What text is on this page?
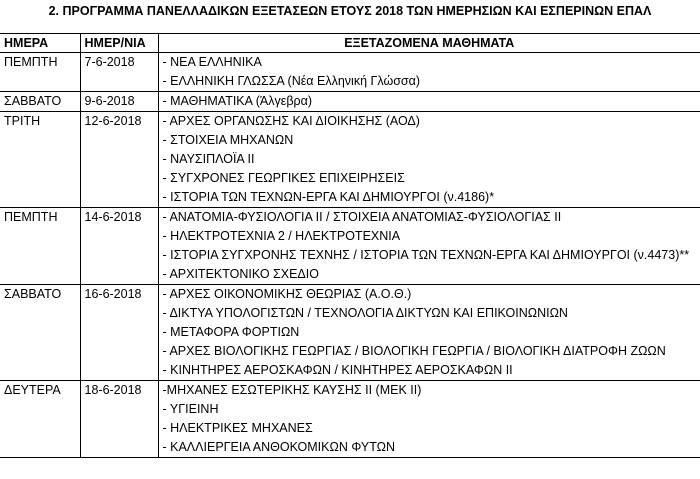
2. ΠΡΟΓΡΑΜΜΑ ΠΑΝΕΛΛΑΔΙΚΩΝ ΕΞΕΤΑΣΕΩΝ ΕΤΟΥΣ 2018 ΤΩΝ ΗΜΕΡΗΣΙΩΝ ΚΑΙ ΕΣΠΕΡΙΝΩΝ ΕΠΑΛ
ΗΜΕΡΑ	ΗΜΕΡ/ΝΙΑ	ΕΞΕΤΑΖΟΜΕΝΑ ΜΑΘΗΜΑΤΑ

ΠΕΜΠΤΗ	7-6-2018	- ΝΕΑ ΕΛΛΗΝΙΚΑ
- ΕΛΛΗΝΙΚΗ ΓΛΩΣΣΑ (Νέα Ελληνική Γλώσσα)

ΣΑΒΒΑΤΟ	9-6-2018	- ΜΑΘΗΜΑΤΙΚΑ (Άλγεβρα)

ΤΡΙΤΗ	12-6-2018	- ΑΡΧΕΣ ΟΡΓΑΝΩΣΗΣ ΚΑΙ ΔΙΟΙΚΗΣΗΣ (ΑΟΔ)
- ΣΤΟΙΧΕΙΑ ΜΗΧΑΝΩΝ
- ΝΑΥΣΙΠΛΟΪΑ ΙΙ
- ΣΥΓΧΡΟΝΕΣ ΓΕΩΡΓΙΚΕΣ ΕΠΙΧΕΙΡΗΣΕΙΣ
- ΙΣΤΟΡΙΑ ΤΩΝ ΤΕΧΝΩΝ-ΕΡΓΑ ΚΑΙ ΔΗΜΙΟΥΡΓΟΙ (ν.4186)*

ΠΕΜΠΤΗ	14-6-2018	- ΑΝΑΤΟΜΙΑ-ΦΥΣΙΟΛΟΓΙΑ ΙΙ / ΣΤΟΙΧΕΙΑ ΑΝΑΤΟΜΙΑΣ-ΦΥΣΙΟΛΟΓΙΑΣ ΙΙ
- ΗΛΕΚΤΡΟΤΕΧΝΙΑ 2 / ΗΛΕΚΤΡΟΤΕΧΝΙΑ
- ΙΣΤΟΡΙΑ ΣΥΓΧΡΟΝΗΣ ΤΕΧΝΗΣ / ΙΣΤΟΡΙΑ ΤΩΝ ΤΕΧΝΩΝ-ΕΡΓΑ ΚΑΙ ΔΗΜΙΟΥΡΓΟΙ (ν.4473)**
- ΑΡΧΙΤΕΚΤΟΝΙΚΟ ΣΧΕΔΙΟ

ΣΑΒΒΑΤΟ	16-6-2018	- ΑΡΧΕΣ ΟΙΚΟΝΟΜΙΚΗΣ ΘΕΩΡΙΑΣ (Α.Ο.Θ.)
- ΔΙΚΤΥΑ ΥΠΟΛΟΓΙΣΤΩΝ / ΤΕΧΝΟΛΟΓΙΑ ΔΙΚΤΥΩΝ ΚΑΙ ΕΠΙΚΟΙΝΩΝΙΩΝ
- ΜΕΤΑΦΟΡΑ ΦΟΡΤΙΩΝ
- ΑΡΧΕΣ ΒΙΟΛΟΓΙΚΗΣ ΓΕΩΡΓΙΑΣ / ΒΙΟΛΟΓΙΚΗ ΓΕΩΡΓΙΑ / ΒΙΟΛΟΓΙΚΗ ΔΙΑΤΡΟΦΗ ΖΩΩΝ
- ΚΙΝΗΤΗΡΕΣ ΑΕΡΟΣΚΑΦΩΝ / ΚΙΝΗΤΗΡΕΣ ΑΕΡΟΣΚΑΦΩΝ ΙΙ

ΔΕΥΤΕΡΑ	18-6-2018	-ΜΗΧΑΝΕΣ ΕΣΩΤΕΡΙΚΗΣ ΚΑΥΣΗΣ ΙΙ (ΜΕΚ ΙΙ)
- ΥΓΙΕΙΝΗ
- ΗΛΕΚΤΡΙΚΕΣ ΜΗΧΑΝΕΣ
- ΚΑΛΛΙΕΡΓΕΙΑ ΑΝΘΟΚΟΜΙΚΩΝ ΦΥΤΩΝ
